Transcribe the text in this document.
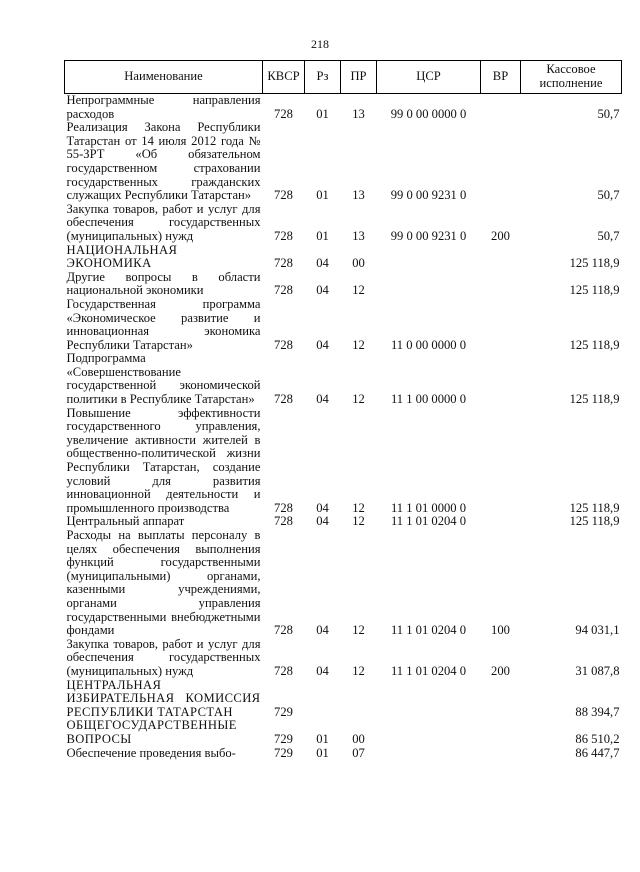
218
Наименование	КВСР	Рз	ПР	ЦСР	ВР	Кассовое исполнение
Непрограммные направления расходов	728	01	13	99 0 00 0000 0		50,7
Реализация Закона Республики Татарстан от 14 июля 2012 года № 55-ЗРТ «Об обязательном государственном страховании государственных гражданских служащих Республики Татарстан»	728	01	13	99 0 00 9231 0		50,7
Закупка товаров, работ и услуг для обеспечения государственных (муниципальных) нужд	728	01	13	99 0 00 9231 0	200	50,7
НАЦИОНАЛЬНАЯ ЭКОНОМИКА	728	04	00			125 118,9
Другие вопросы в области национальной экономики	728	04	12			125 118,9
Государственная программа «Экономическое развитие и инновационная экономика Республики Татарстан»	728	04	12	11 0 00 0000 0		125 118,9
Подпрограмма «Совершенствование государственной экономической политики в Республике Татарстан»	728	04	12	11 1 00 0000 0		125 118,9
Повышение эффективности государственного управления, увеличение активности жителей в общественно-политической жизни Республики Татарстан, создание условий для развития инновационной деятельности и промышленного производства	728	04	12	11 1 01 0000 0		125 118,9
Центральный аппарат	728	04	12	11 1 01 0204 0		125 118,9
Расходы на выплаты персоналу в целях обеспечения выполнения функций государственными (муниципальными) органами, казенными учреждениями, органами управления государственными внебюджетными фондами	728	04	12	11 1 01 0204 0	100	94 031,1
Закупка товаров, работ и услуг для обеспечения государственных (муниципальных) нужд	728	04	12	11 1 01 0204 0	200	31 087,8
ЦЕНТРАЛЬНАЯ ИЗБИРАТЕЛЬНАЯ КОМИССИЯ РЕСПУБЛИКИ ТАТАРСТАН	729					88 394,7
ОБЩЕГОСУДАРСТВЕННЫЕ ВОПРОСЫ	729	01	00			86 510,2
Обеспечение проведения выбо-	729	01	07			86 447,7
